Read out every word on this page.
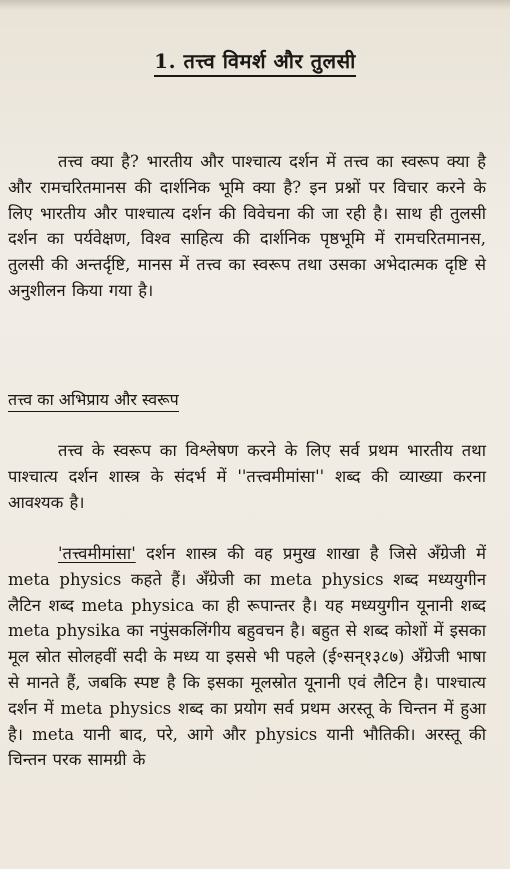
1. तत्त्व विमर्श और तुलसी

तत्त्व क्या है? भारतीय और पाश्चात्य दर्शन में तत्त्व का स्वरूप क्या है और रामचरितमानस की दार्शनिक भूमि क्या है? इन प्रश्नों पर विचार करने के लिए भारतीय और पाश्चात्य दर्शन की विवेचना की जा रही है। साथ ही तुलसी दर्शन का पर्यवेक्षण, विश्व साहित्य की दार्शनिक पृष्ठभूमि में रामचरितमानस, तुलसी की अन्तर्दृष्टि, मानस में तत्त्व का स्वरूप तथा उसका अभेदात्मक दृष्टि से अनुशीलन किया गया है।

तत्त्व का अभिप्राय और स्वरूप

तत्त्व के स्वरूप का विश्लेषण करने के लिए सर्व प्रथम भारतीय तथा पाश्चात्य दर्शन शास्त्र के संदर्भ में ''तत्त्वमीमांसा'' शब्द की व्याख्या करना आवश्यक है।

'तत्त्वमीमांसा' दर्शन शास्त्र की वह प्रमुख शाखा है जिसे अँग्रेजी में meta physics कहते हैं। अँग्रेजी का meta physics शब्द मध्ययुगीन लैटिन शब्द meta physica का ही रूपान्तर है। यह मध्ययुगीन यूनानी शब्द meta physika का नपुंसकलिंगीय बहुवचन है। बहुत से शब्द कोशों में इसका मूल स्रोत सोलहवीं सदी के मध्य या इससे भी पहले (ई॰सन्१३८७) अँग्रेजी भाषा से मानते हैं, जबकि स्पष्ट है कि इसका मूलस्रोत यूनानी एवं लैटिन है। पाश्चात्य दर्शन में meta physics शब्द का प्रयोग सर्व प्रथम अरस्तू के चिन्तन में हुआ है। meta यानी बाद, परे, आगे और physics यानी भौतिकी। अरस्तू की चिन्तन परक सामग्री के
